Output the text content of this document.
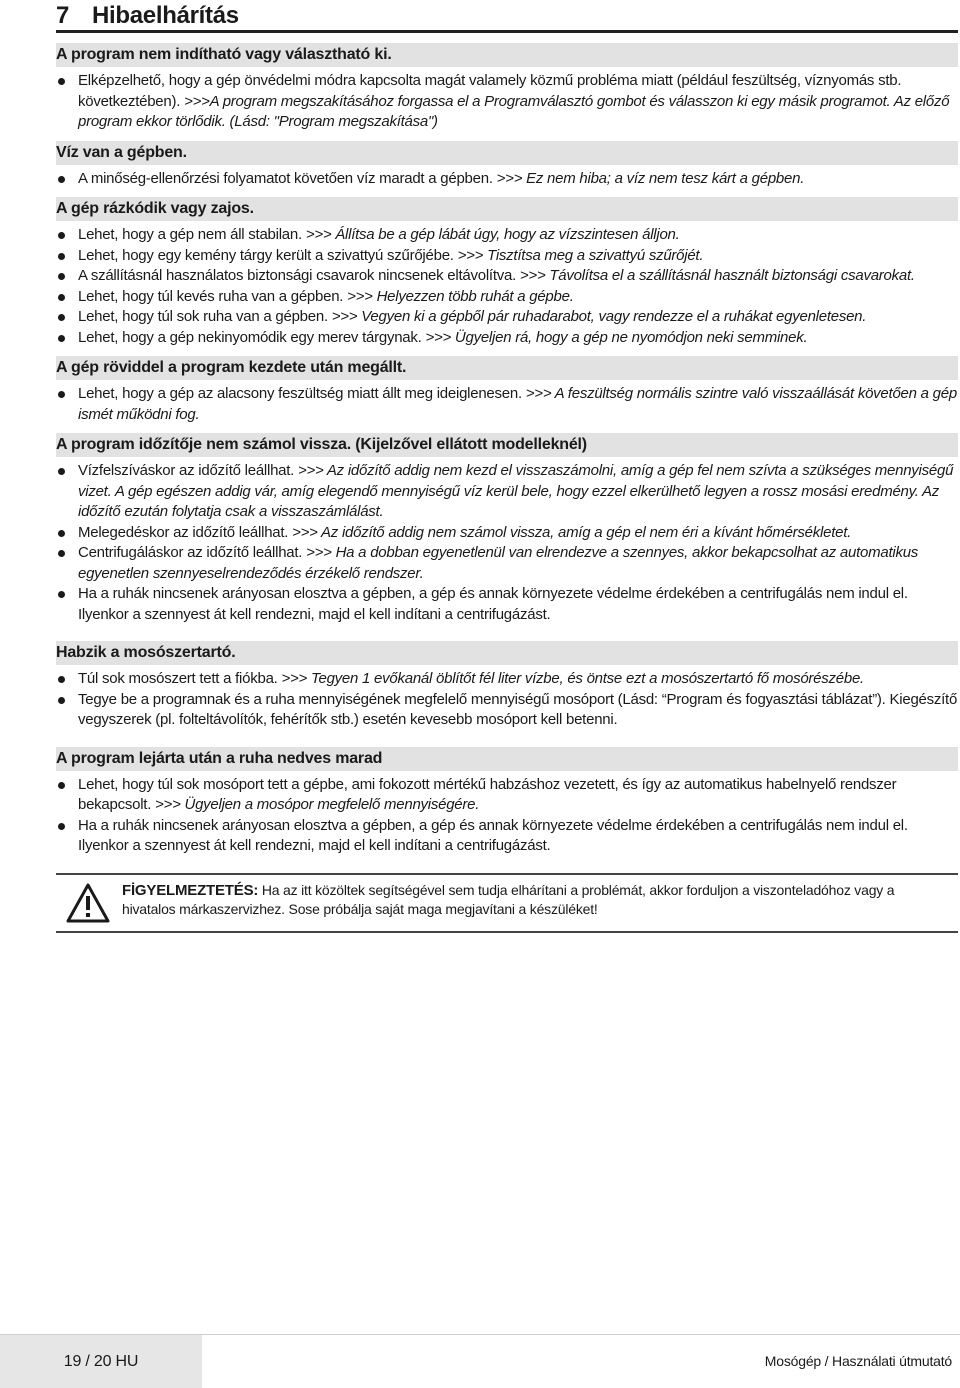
7 Hibaelhárítás
A program nem indítható vagy választható ki.
Elképzelhető, hogy a gép önvédelmi módra kapcsolta magát valamely közmű probléma miatt (például feszültség, víznyomás stb. következtében). >>>A program megszakításához forgassa el a Programválasztó gombot és válasszon ki egy másik programot. Az előző program ekkor törlődik. (Lásd: "Program megszakítása")
Víz van a gépben.
A minőség-ellenőrzési folyamatot követően víz maradt a gépben. >>> Ez nem hiba; a víz nem tesz kárt a gépben.
A gép rázkódik vagy zajos.
Lehet, hogy a gép nem áll stabilan. >>> Állítsa be a gép lábát úgy, hogy az vízszintesen álljon.
Lehet, hogy egy kemény tárgy került a szivattyú szűrőjébe. >>> Tisztítsa meg a szivattyú szűrőjét.
A szállításnál használatos biztonsági csavarok nincsenek eltávolítva. >>> Távolítsa el a szállításnál használt biztonsági csavarokat.
Lehet, hogy túl kevés ruha van a gépben. >>> Helyezzen több ruhát a gépbe.
Lehet, hogy túl sok ruha van a gépben. >>> Vegyen ki a gépből pár ruhadarabot, vagy rendezze el a ruhákat egyenletesen.
Lehet, hogy a gép nekinyomódik egy merev tárgynak. >>> Ügyeljen rá, hogy a gép ne nyomódjon neki semminek.
A gép röviddel a program kezdete után megállt.
Lehet, hogy a gép az alacsony feszültség miatt állt meg ideiglenesen. >>> A feszültség normális szintre való visszaállását követően a gép ismét működni fog.
A program időzítője nem számol vissza. (Kijelzővel ellátott modelleknél)
Vízfelszíváskor az időzítő leállhat. >>> Az időzítő addig nem kezd el visszaszámolni, amíg a gép fel nem szívta a szükséges mennyiségű vizet. A gép egészen addig vár, amíg elegendő mennyiségű víz kerül bele, hogy ezzel elkerülhető legyen a rossz mosási eredmény. Az időzítő ezután folytatja csak a visszaszámlálást.
Melegedéskor az időzítő leállhat. >>> Az időzítő addig nem számol vissza, amíg a gép el nem éri a kívánt hőmérsékletet.
Centrifugáláskor az időzítő leállhat. >>> Ha a dobban egyenetlenül van elrendezve a szennyes, akkor bekapcsolhat az automatikus egyenetlen szennyeselrendeződés érzékelő rendszer.
Ha a ruhák nincsenek arányosan elosztva a gépben, a gép és annak környezete védelme érdekében a centrifugálás nem indul el. Ilyenkor a szennyest át kell rendezni, majd el kell indítani a centrifugázást.
Habzik a mosószertartó.
Túl sok mosószert tett a fiókba. >>> Tegyen 1 evőkanál öblítőt fél liter vízbe, és öntse ezt a mosószertartó fő mosórészébe.
Tegye be a programnak és a ruha mennyiségének megfelelő mennyiségű mosóport (Lásd: “Program és fogyasztási táblázat”). Kiegészítő vegyszerek (pl. folteltávolítók, fehérítők stb.) esetén kevesebb mosóport kell betenni.
A program lejárta után a ruha nedves marad
Lehet, hogy túl sok mosóport tett a gépbe, ami fokozott mértékű habzáshoz vezetett, és így az automatikus habelnyelő rendszer bekapcsolt. >>> Ügyeljen a mosópor megfelelő mennyiségére.
Ha a ruhák nincsenek arányosan elosztva a gépben, a gép és annak környezete védelme érdekében a centrifugálás nem indul el. Ilyenkor a szennyest át kell rendezni, majd el kell indítani a centrifugázást.
FİGYELMEZTETÉS: Ha az itt közöltek segítségével sem tudja elhárítani a problémát, akkor forduljon a viszonteladóhoz vagy a hivatalos márkaszervizhez. Sose próbálja saját maga megjavítani a készüléket!
19 / 20 HU	Mosógép / Használati útmutató
